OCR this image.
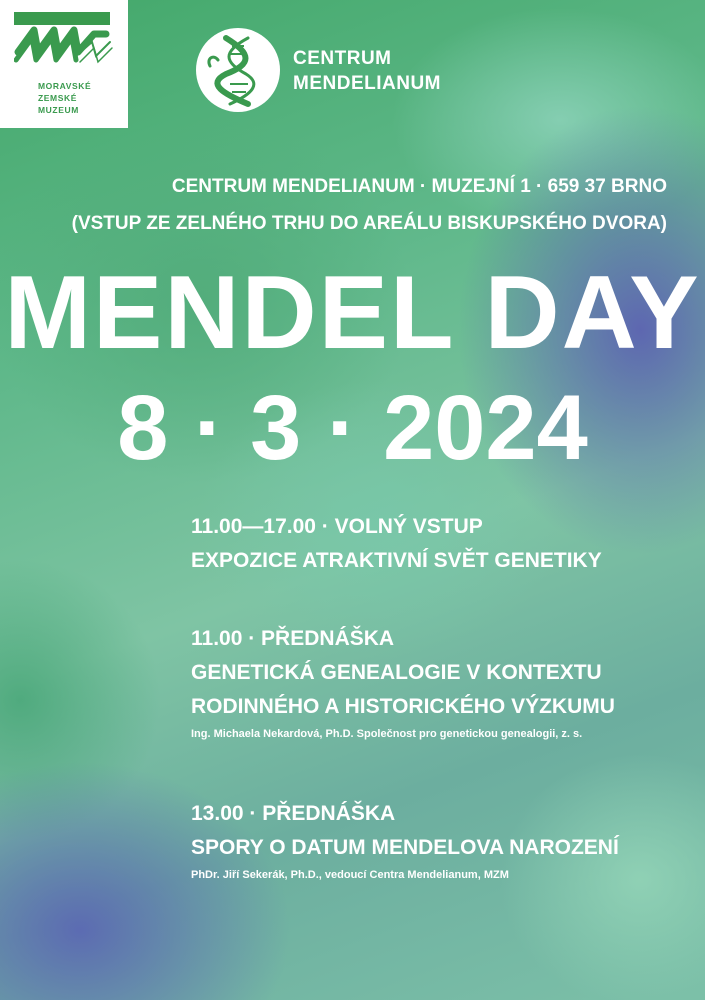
MORAVSKÉ
ZEMSKÉ
MUZEUM
CENTRUM
MENDELIANUM
CENTRUM MENDELIANUM · MUZEJNÍ 1 · 659 37 BRNO
(VSTUP ZE ZELNÉHO TRHU DO AREÁLU BISKUPSKÉHO DVORA)
MENDEL DAY
8 · 3 · 2024
11.00—17.00 · VOLNÝ VSTUP
EXPOZICE ATRAKTIVNÍ SVĚT GENETIKY
11.00 · PŘEDNÁŠKA
GENETICKÁ GENEALOGIE V KONTEXTU
RODINNÉHO A HISTORICKÉHO VÝZKUMU
Ing. Michaela Nekardová, Ph.D. Společnost pro genetickou genealogii, z. s.
13.00 · PŘEDNÁŠKA
SPORY O DATUM MENDELOVA NAROZENÍ
PhDr. Jiří Sekerák, Ph.D., vedoucí Centra Mendelianum, MZM
